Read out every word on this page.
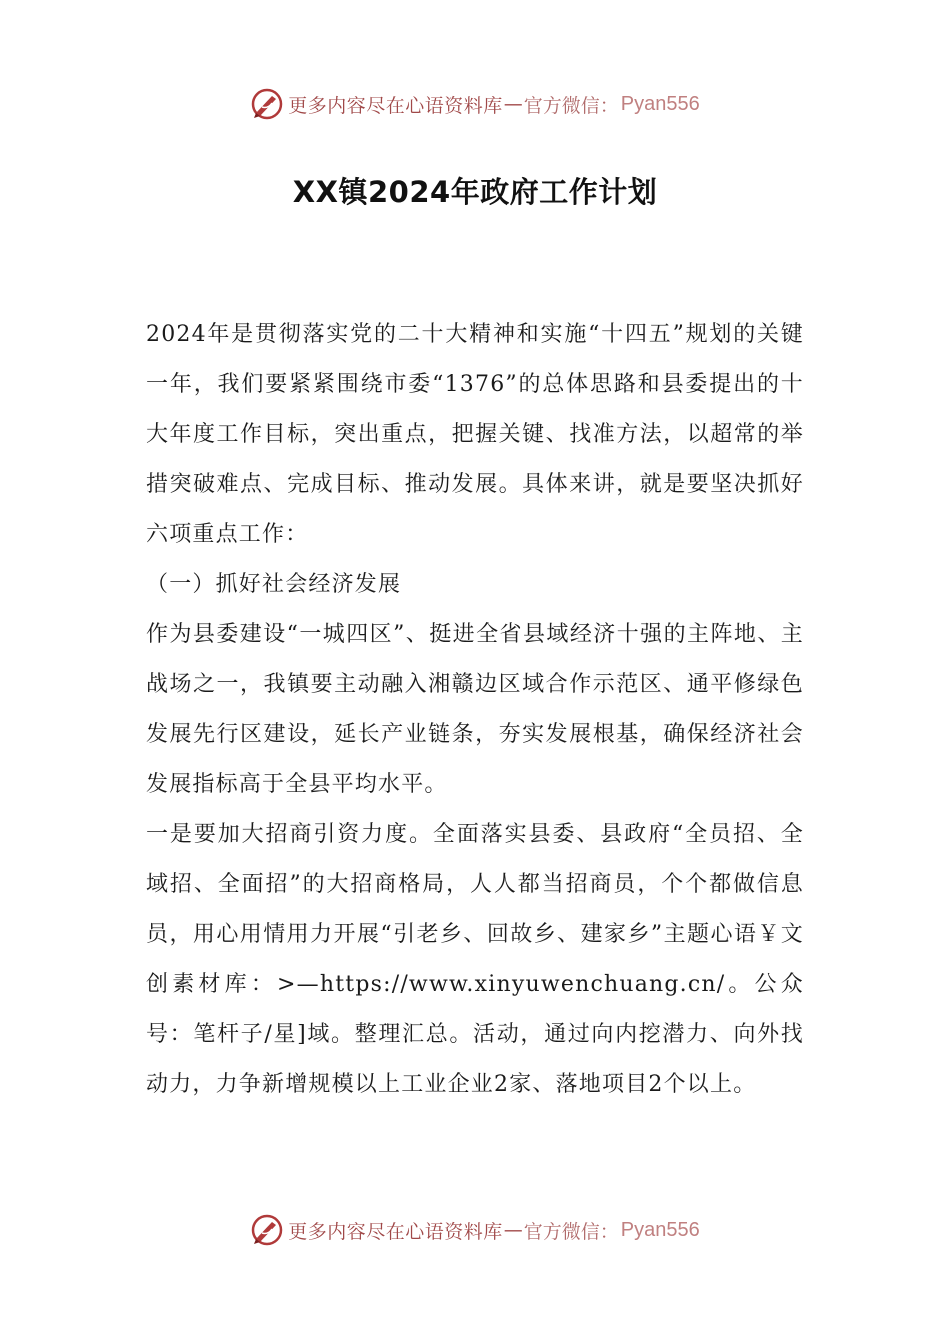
更多内容尽在心语资料库 — 官方微信： Pyan556
XX镇2024年政府工作计划

2024年是贯彻落实党的二十大精神和实施“十四五”规划的关键一年，我们要紧紧围绕市委“1376”的总体思路和县委提出的十大年度工作目标，突出重点，把握关键、找准方法，以超常的举措突破难点、完成目标、推动发展。具体来讲，就是要坚决抓好六项重点工作：

（一）抓好社会经济发展

作为县委建设“一城四区”、挺进全省县域经济十强的主阵地、主战场之一，我镇要主动融入湘赣边区域合作示范区、通平修绿色发展先行区建设，延长产业链条，夯实发展根基，确保经济社会发展指标高于全县平均水平。

一是要加大招商引资力度。全面落实县委、县政府“全员招、全域招、全面招”的大招商格局，人人都当招商员，个个都做信息员，用心用情用力开展“引老乡、回故乡、建家乡”主题心语￥文创素材库：>—https://www.xinyuwenchuang.cn/。公众号：笔杆子/星]域。整理汇总。活动，通过向内挖潜力、向外找动力，力争新增规模以上工业企业2家、落地项目2个以上。

更多内容尽在心语资料库 — 官方微信： Pyan556
